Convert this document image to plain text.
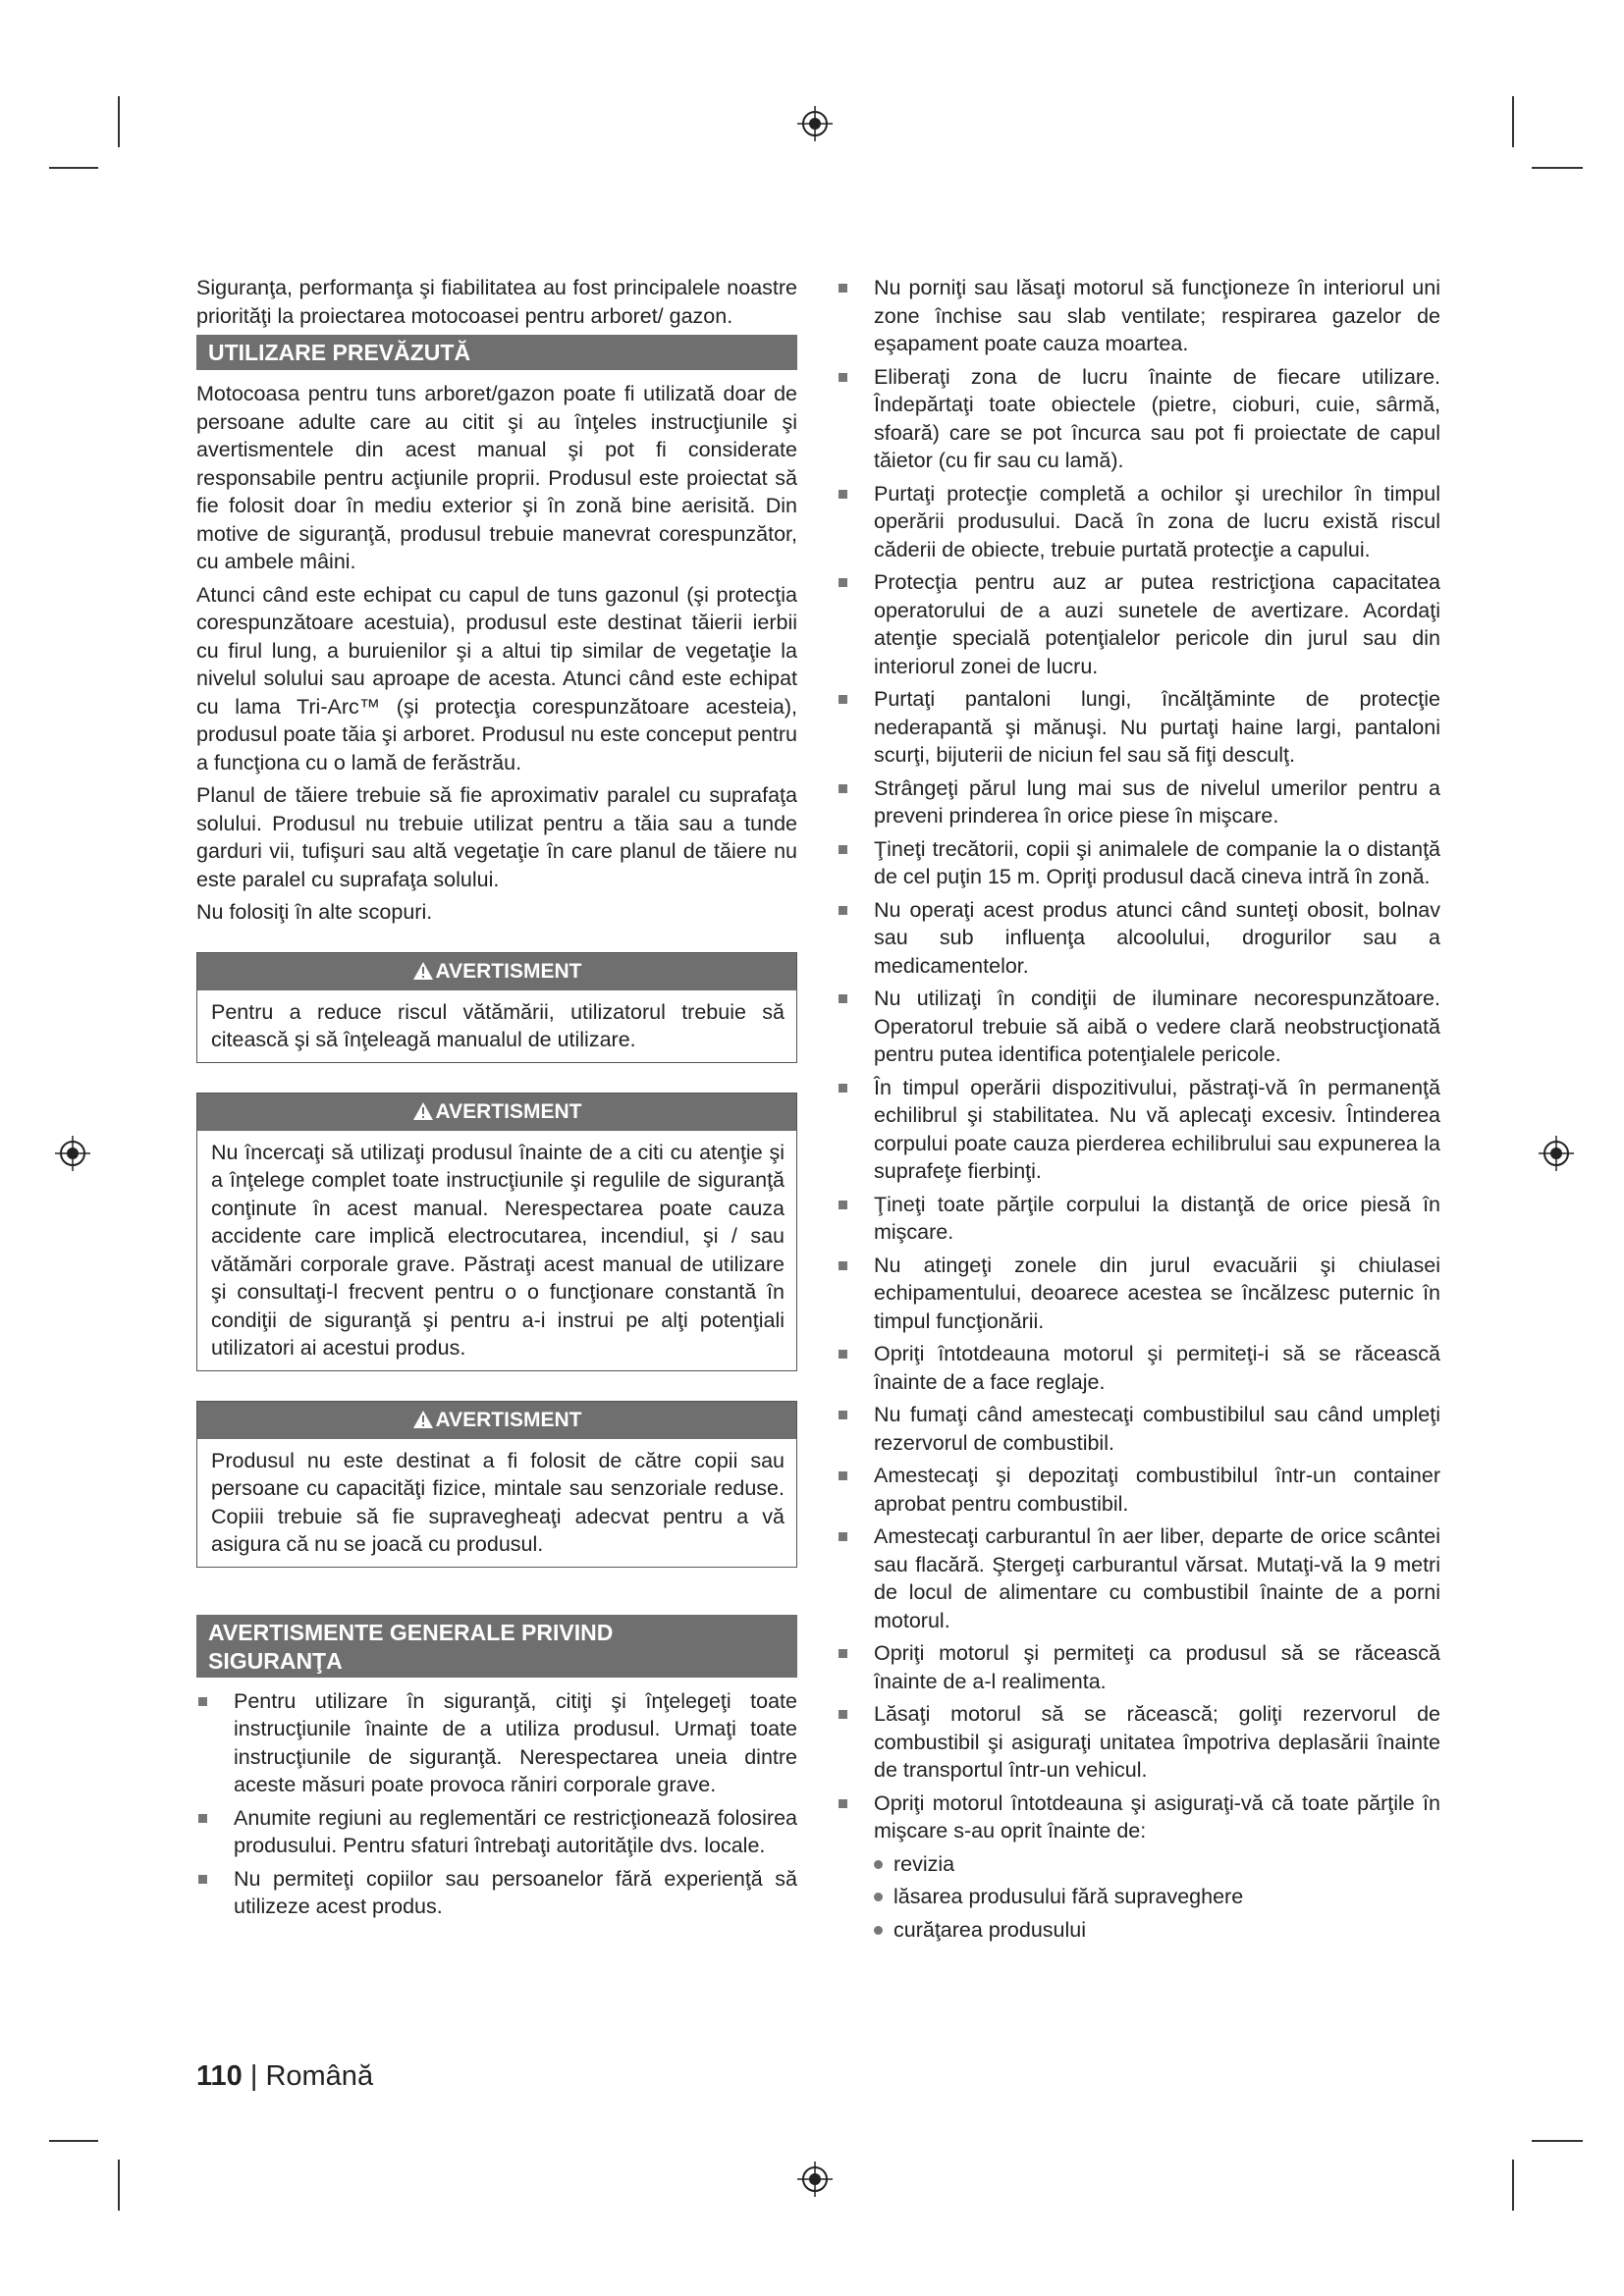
Siguranţa, performanţa şi fiabilitatea au fost principalele noastre priorităţi la proiectarea motocoasei pentru arboret/ gazon.

UTILIZARE PREVĂZUTĂ

Motocoasa pentru tuns arboret/gazon poate fi utilizată doar de persoane adulte care au citit şi au înţeles instrucţiunile şi avertismentele din acest manual şi pot fi considerate responsabile pentru acţiunile proprii. Produsul este proiectat să fie folosit doar în mediu exterior şi în zonă bine aerisită. Din motive de siguranţă, produsul trebuie manevrat corespunzător, cu ambele mâini.

Atunci când este echipat cu capul de tuns gazonul (şi protecţia corespunzătoare acestuia), produsul este destinat tăierii ierbii cu firul lung, a buruienilor şi a altui tip similar de vegetaţie la nivelul solului sau aproape de acesta. Atunci când este echipat cu lama Tri-Arc™ (şi protecţia corespunzătoare acesteia), produsul poate tăia şi arboret. Produsul nu este conceput pentru a funcţiona cu o lamă de ferăstrău.

Planul de tăiere trebuie să fie aproximativ paralel cu suprafaţa solului. Produsul nu trebuie utilizat pentru a tăia sau a tunde garduri vii, tufişuri sau altă vegetaţie în care planul de tăiere nu este paralel cu suprafaţa solului.

Nu folosiţi în alte scopuri.

AVERTISMENT

Pentru a reduce riscul vătămării, utilizatorul trebuie să citească şi să înţeleagă manualul de utilizare.

AVERTISMENT

Nu încercaţi să utilizaţi produsul înainte de a citi cu atenţie şi a înţelege complet toate instrucţiunile şi regulile de siguranţă conţinute în acest manual. Nerespectarea poate cauza accidente care implică electrocutarea, incendiul, şi / sau vătămări corporale grave. Păstraţi acest manual de utilizare şi consultaţi-l frecvent pentru o o funcţionare constantă în condiţii de siguranţă şi pentru a-i instrui pe alţi potenţiali utilizatori ai acestui produs.

AVERTISMENT

Produsul nu este destinat a fi folosit de către copii sau persoane cu capacităţi fizice, mintale sau senzoriale reduse. Copiii trebuie să fie supravegheaţi adecvat pentru a vă asigura că nu se joacă cu produsul.

AVERTISMENTE GENERALE PRIVIND
SIGURANŢA

Pentru utilizare în siguranţă, citiţi şi înţelegeţi toate instrucţiunile înainte de a utiliza produsul. Urmaţi toate instrucţiunile de siguranţă. Nerespectarea uneia dintre aceste măsuri poate provoca răniri corporale grave.

Anumite regiuni au reglementări ce restricţionează folosirea produsului. Pentru sfaturi întrebaţi autorităţile dvs. locale.

Nu permiteţi copiilor sau persoanelor fără experienţă să utilizeze acest produs.

Nu porniţi sau lăsaţi motorul să funcţioneze în interiorul uni zone închise sau slab ventilate; respirarea gazelor de eşapament poate cauza moartea.

Eliberaţi zona de lucru înainte de fiecare utilizare. Îndepărtaţi toate obiectele (pietre, cioburi, cuie, sârmă, sfoară) care se pot încurca sau pot fi proiectate de capul tăietor (cu fir sau cu lamă).

Purtaţi protecţie completă a ochilor şi urechilor în timpul operării produsului. Dacă în zona de lucru există riscul căderii de obiecte, trebuie purtată protecţie a capului.

Protecţia pentru auz ar putea restricţiona capacitatea operatorului de a auzi sunetele de avertizare. Acordaţi atenţie specială potenţialelor pericole din jurul sau din interiorul zonei de lucru.

Purtaţi pantaloni lungi, încălţăminte de protecţie nederapantă şi mănuşi. Nu purtaţi haine largi, pantaloni scurţi, bijuterii de niciun fel sau să fiţi desculţ.

Strângeţi părul lung mai sus de nivelul umerilor pentru a preveni prinderea în orice piese în mişcare.

Ţineţi trecătorii, copii şi animalele de companie la o distanţă de cel puţin 15 m. Opriţi produsul dacă cineva intră în zonă.

Nu operaţi acest produs atunci când sunteţi obosit, bolnav sau sub influenţa alcoolului, drogurilor sau a medicamentelor.

Nu utilizaţi în condiţii de iluminare necorespunzătoare. Operatorul trebuie să aibă o vedere clară neobstrucţionată pentru putea identifica potenţialele pericole.

În timpul operării dispozitivului, păstraţi-vă în permanenţă echilibrul şi stabilitatea. Nu vă aplecaţi excesiv. Întinderea corpului poate cauza pierderea echilibrului sau expunerea la suprafeţe fierbinţi.

Ţineţi toate părţile corpului la distanţă de orice piesă în mişcare.

Nu atingeţi zonele din jurul evacuării şi chiulasei echipamentului, deoarece acestea se încălzesc puternic în timpul funcţionării.

Opriţi întotdeauna motorul şi permiteţi-i să se răcească înainte de a face reglaje.

Nu fumaţi când amestecaţi combustibilul sau când umpleţi rezervorul de combustibil.

Amestecaţi şi depozitaţi combustibilul într-un container aprobat pentru combustibil.

Amestecaţi carburantul în aer liber, departe de orice scântei sau flacără. Ştergeţi carburantul vărsat. Mutaţi-vă la 9 metri de locul de alimentare cu combustibil înainte de a porni motorul.

Opriţi motorul şi permiteţi ca produsul să se răcească înainte de a-l realimenta.

Lăsaţi motorul să se răcească; goliţi rezervorul de combustibil şi asiguraţi unitatea împotriva deplasării înainte de transportul într-un vehicul.

Opriţi motorul întotdeauna şi asiguraţi-vă că toate părţile în mişcare s-au oprit înainte de:

revizia
lăsarea produsului fără supraveghere
curăţarea produsului
110 | Română
